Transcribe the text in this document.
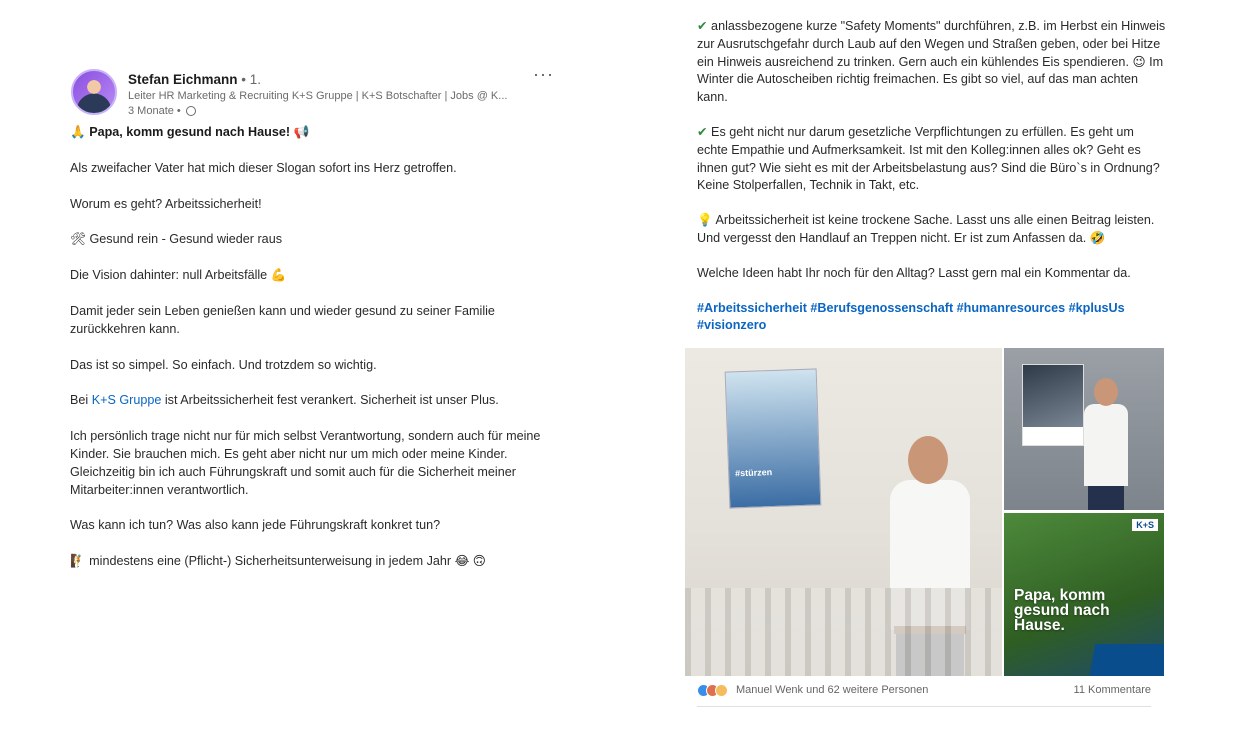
Stefan Eichmann • 1.
Leiter HR Marketing & Recruiting K+S Gruppe | K+S Botschafter | Jobs @ K...
3 Monate •
···

🙏 Papa, komm gesund nach Hause! 📢

Als zweifacher Vater hat mich dieser Slogan sofort ins Herz getroffen.

Worum es geht? Arbeitssicherheit!

🛠 Gesund rein - Gesund wieder raus

Die Vision dahinter: null Arbeitsfälle 💪

Damit jeder sein Leben genießen kann und wieder gesund zu seiner Familie zurückkehren kann.

Das ist so simpel. So einfach. Und trotzdem so wichtig.

Bei K+S Gruppe ist Arbeitssicherheit fest verankert. Sicherheit ist unser Plus.

Ich persönlich trage nicht nur für mich selbst Verantwortung, sondern auch für meine Kinder. Sie brauchen mich. Es geht aber nicht nur um mich oder meine Kinder. Gleichzeitig bin ich auch Führungskraft und somit auch für die Sicherheit meiner Mitarbeiter:innen verantwortlich.

Was kann ich tun? Was also kann jede Führungskraft konkret tun?

🧗 mindestens eine (Pflicht-) Sicherheitsunterweisung in jedem Jahr 😂 🙃

✔ anlassbezogene kurze "Safety Moments" durchführen, z.B. im Herbst ein Hinweis zur Ausrutschgefahr durch Laub auf den Wegen und Straßen geben, oder bei Hitze ein Hinweis ausreichend zu trinken. Gern auch ein kühlendes Eis spendieren. 😉 Im Winter die Autoscheiben richtig freimachen. Es gibt so viel, auf das man achten kann.

✔ Es geht nicht nur darum gesetzliche Verpflichtungen zu erfüllen. Es geht um echte Empathie und Aufmerksamkeit. Ist mit den Kolleg:innen alles ok? Geht es ihnen gut? Wie sieht es mit der Arbeitsbelastung aus? Sind die Büro`s in Ordnung? Keine Stolperfallen, Technik in Takt, etc.

💡 Arbeitssicherheit ist keine trockene Sache. Lasst uns alle einen Beitrag leisten. Und vergesst den Handlauf an Treppen nicht. Er ist zum Anfassen da. 🤣

Welche Ideen habt Ihr noch für den Alltag? Lasst gern mal ein Kommentar da.

#Arbeitssicherheit #Berufsgenossenschaft #humanresources #kplusUs #visionzero

#stürzen
K+S
Papa, komm gesund nach Hause.
Manuel Wenk und 62 weitere Personen	11 Kommentare
